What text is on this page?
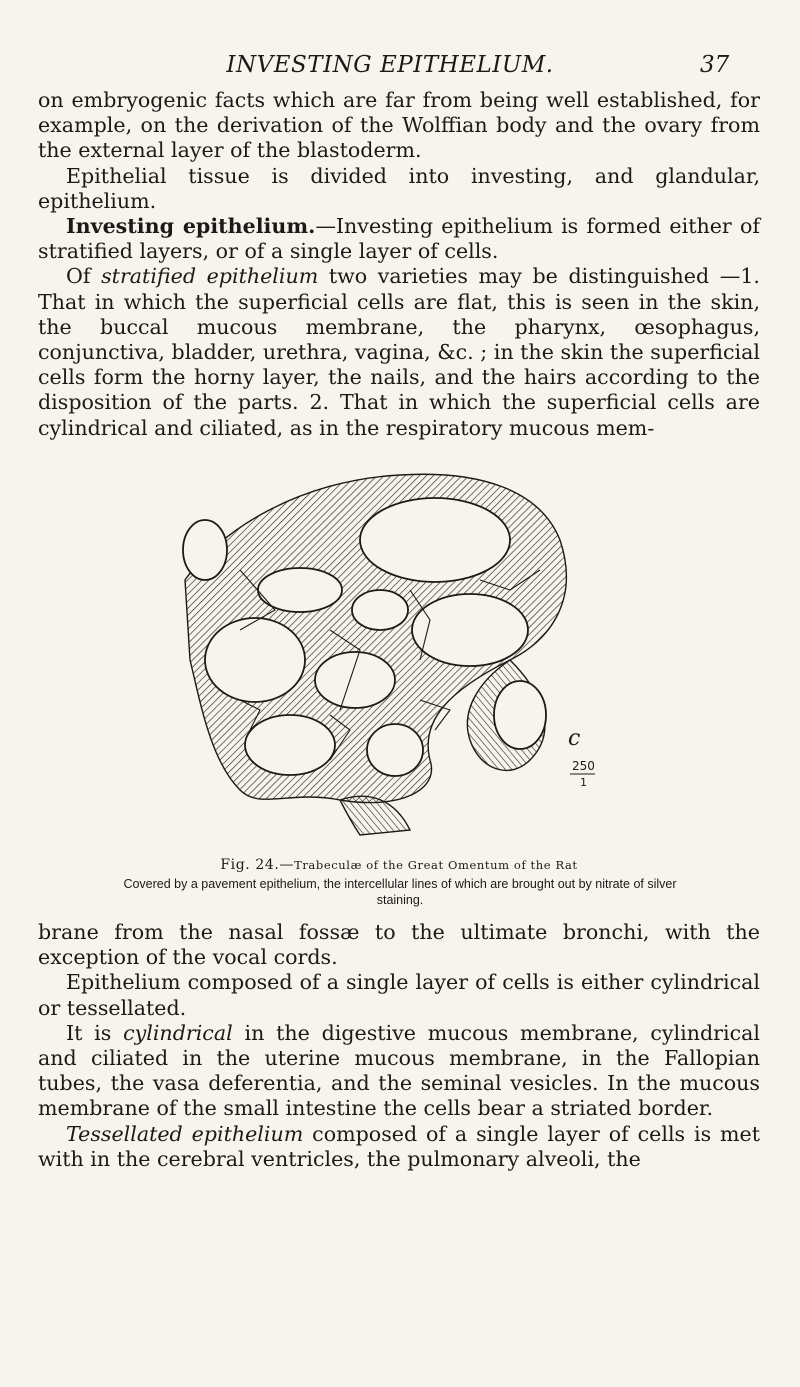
INVESTING EPITHELIUM.	37

on embryogenic facts which are far from being well established, for example, on the derivation of the Wolffian body and the ovary from the external layer of the blastoderm.

Epithelial tissue is divided into investing, and glandular, epithelium.

Investing epithelium.—Investing epithelium is formed either of stratified layers, or of a single layer of cells.

Of stratified epithelium two varieties may be distinguished —1. That in which the superficial cells are flat, this is seen in the skin, the buccal mucous membrane, the pharynx, œsophagus, conjunctiva, bladder, urethra, vagina, &c. ; in the skin the superficial cells form the horny layer, the nails, and the hairs according to the disposition of the parts. 2. That in which the superficial cells are cylindrical and ciliated, as in the respiratory mucous mem-

c
250
1
Fig. 24.—Trabeculæ of the Great Omentum of the Rat
Covered by a pavement epithelium, the intercellular lines of which are brought out by nitrate of silver staining.

brane from the nasal fossæ to the ultimate bronchi, with the exception of the vocal cords.

Epithelium composed of a single layer of cells is either cylindrical or tessellated.

It is cylindrical in the digestive mucous membrane, cylindrical and ciliated in the uterine mucous membrane, in the Fallopian tubes, the vasa deferentia, and the seminal vesicles. In the mucous membrane of the small intestine the cells bear a striated border.

Tessellated epithelium composed of a single layer of cells is met with in the cerebral ventricles, the pulmonary alveoli, the
